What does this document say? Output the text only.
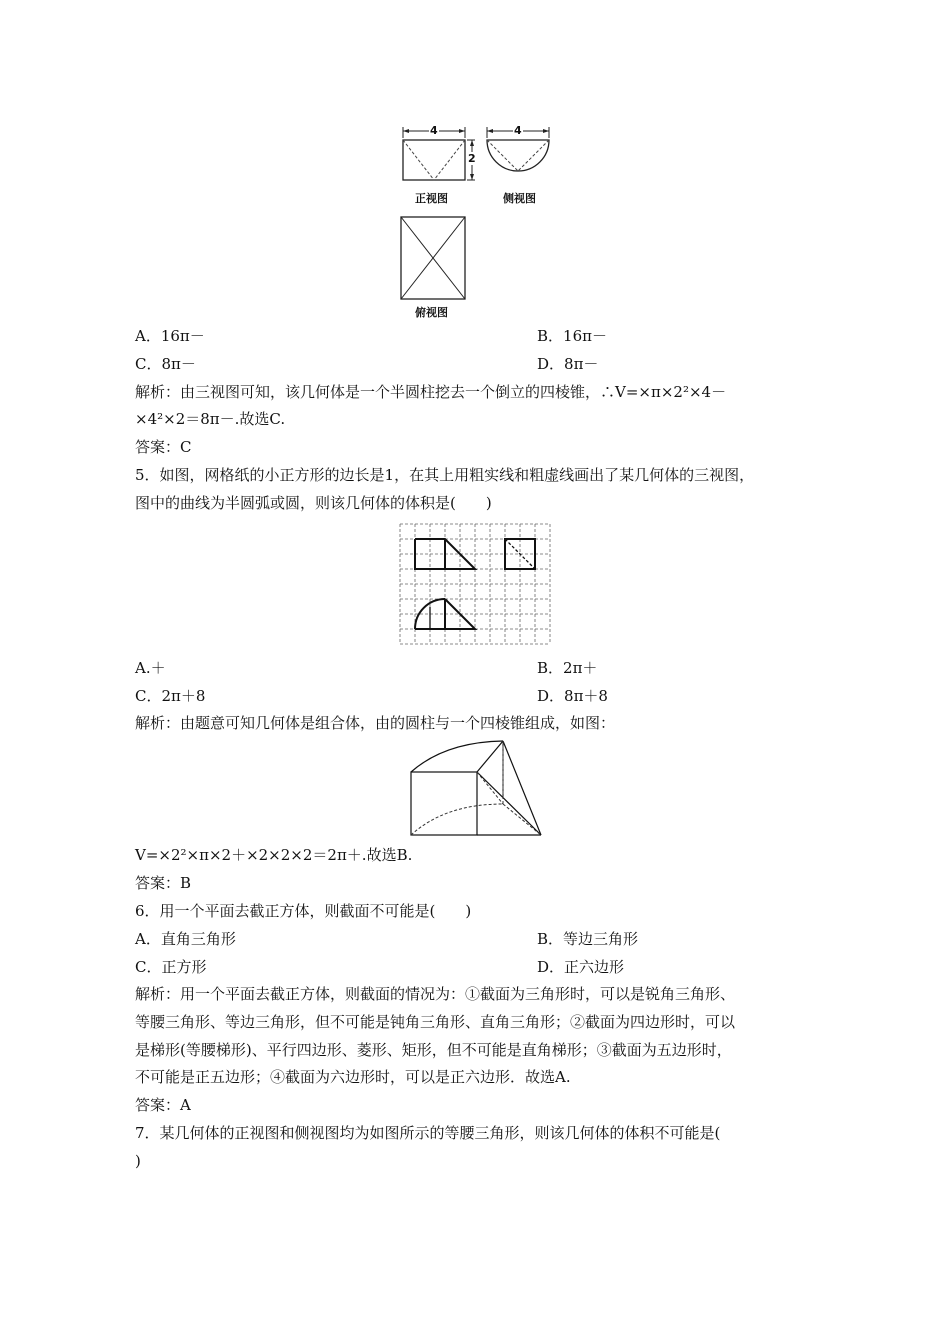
4
2
4
正视图	侧视图
俯视图
A．16π－	B．16π－
C．8π－	D．8π－
解析：由三视图可知，该几何体是一个半圆柱挖去一个倒立的四棱锥，∴V=×π×2²×4－
×4²×2＝8π－.故选C.
答案：C
5．如图，网格纸的小正方形的边长是1，在其上用粗实线和粗虚线画出了某几何体的三视图，
图中的曲线为半圆弧或圆，则该几何体的体积是(　　)
A.＋	B．2π＋
C．2π＋8	D．8π＋8
解析：由题意可知几何体是组合体，由的圆柱与一个四棱锥组成，如图：
V=×2²×π×2＋×2×2×2＝2π＋.故选B.
答案：B
6．用一个平面去截正方体，则截面不可能是(　　)
A．直角三角形	B．等边三角形
C．正方形	D．正六边形
解析：用一个平面去截正方体，则截面的情况为：①截面为三角形时，可以是锐角三角形、
等腰三角形、等边三角形，但不可能是钝角三角形、直角三角形；②截面为四边形时，可以
是梯形(等腰梯形)、平行四边形、菱形、矩形，但不可能是直角梯形；③截面为五边形时，
不可能是正五边形；④截面为六边形时，可以是正六边形．故选A.
答案：A
7．某几何体的正视图和侧视图均为如图所示的等腰三角形，则该几何体的体积不可能是(
)
